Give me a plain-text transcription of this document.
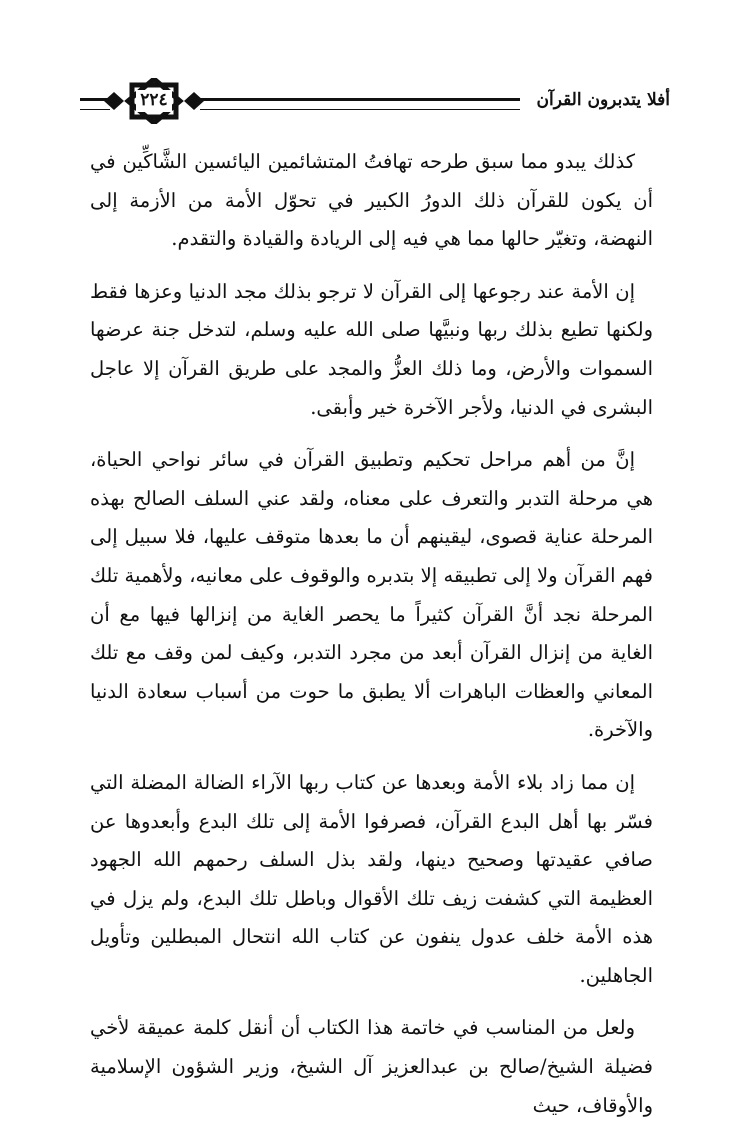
٢٢٤	أفلا يتدبرون القرآن

كذلك يبدو مما سبق طرحه تهافتُ المتشائمين اليائسين الشَّاكِّين في أن يكون للقرآن ذلك الدورُ الكبير في تحوّل الأمة من الأزمة إلى النهضة، وتغيّر حالها مما هي فيه إلى الريادة والقيادة والتقدم.

إن الأمة عند رجوعها إلى القرآن لا ترجو بذلك مجد الدنيا وعزها فقط ولكنها تطيع بذلك ربها ونبيَّها صلى الله عليه وسلم، لتدخل جنة عرضها السموات والأرض، وما ذلك العزُّ والمجد على طريق القرآن إلا عاجل البشرى في الدنيا، ولأجر الآخرة خير وأبقى.

إنَّ من أهم مراحل تحكيم وتطبيق القرآن في سائر نواحي الحياة، هي مرحلة التدبر والتعرف على معناه، ولقد عني السلف الصالح بهذه المرحلة عناية قصوى، ليقينهم أن ما بعدها متوقف عليها، فلا سبيل إلى فهم القرآن ولا إلى تطبيقه إلا بتدبره والوقوف على معانيه، ولأهمية تلك المرحلة نجد أنَّ القرآن كثيراً ما يحصر الغاية من إنزالها فيها مع أن الغاية من إنزال القرآن أبعد من مجرد التدبر، وكيف لمن وقف مع تلك المعاني والعظات الباهرات ألا يطبق ما حوت من أسباب سعادة الدنيا والآخرة.

إن مما زاد بلاء الأمة وبعدها عن كتاب ربها الآراء الضالة المضلة التي فسّر بها أهل البدع القرآن، فصرفوا الأمة إلى تلك البدع وأبعدوها عن صافي عقيدتها وصحيح دينها، ولقد بذل السلف رحمهم الله الجهود العظيمة التي كشفت زيف تلك الأقوال وباطل تلك البدع، ولم يزل في هذه الأمة خلف عدول ينفون عن كتاب الله انتحال المبطلين وتأويل الجاهلين.

ولعل من المناسب في خاتمة هذا الكتاب أن أنقل كلمة عميقة لأخي فضيلة الشيخ/صالح بن عبدالعزيز آل الشيخ، وزير الشؤون الإسلامية والأوقاف، حيث
